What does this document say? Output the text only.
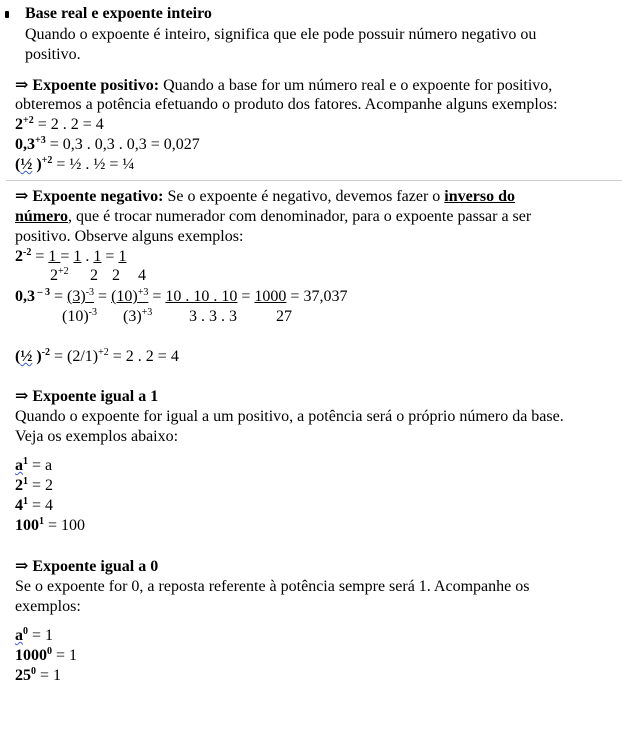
Base real e expoente inteiro
Quando o expoente é inteiro, significa que ele pode possuir número negativo ou
positivo.
⇒ Expoente positivo: Quando a base for um número real e o expoente for positivo,
obteremos a potência efetuando o produto dos fatores. Acompanhe alguns exemplos:
$2^{+2} = 2$ . 2 = 4
$0,3^{+3} = 0,3$ . 0,3 . 0,3 = 0,027
(½ )$^{+2}$ = ½ . ½ = ¼
⇒ Expoente negativo: Se o expoente é negativo, devemos fazer o inverso do
número, que é trocar numerador com denominador, para o expoente passar a ser
positivo. Observe alguns exemplos:
$2^{-2} = 1 = 1$ . 1 = 1
$2^{+2}$ 2 2 4
0,3 $^{- 3} = (3)^{-3} = (10)^{+3} = 10$ . 10 . 10 = 1000 = 37,037
$(10)^{-3}$ $(3)^{+3}$ 3 . 3 . 3 27
(½ )$^{-2} = (2/1)^{+2} = 2$ . 2 = 4
⇒ Expoente igual a 1
Quando o expoente for igual a um positivo, a potência será o próprio número da base.
Veja os exemplos abaixo:
$a^1 = a$
$2^1 = 2$
$4^1 = 4$
$100^1 = 100$
⇒ Expoente igual a 0
Se o expoente for 0, a reposta referente à potência sempre será 1. Acompanhe os
exemplos:
$a^0 = 1$
$1000^0 = 1$
$25^0 = 1$
